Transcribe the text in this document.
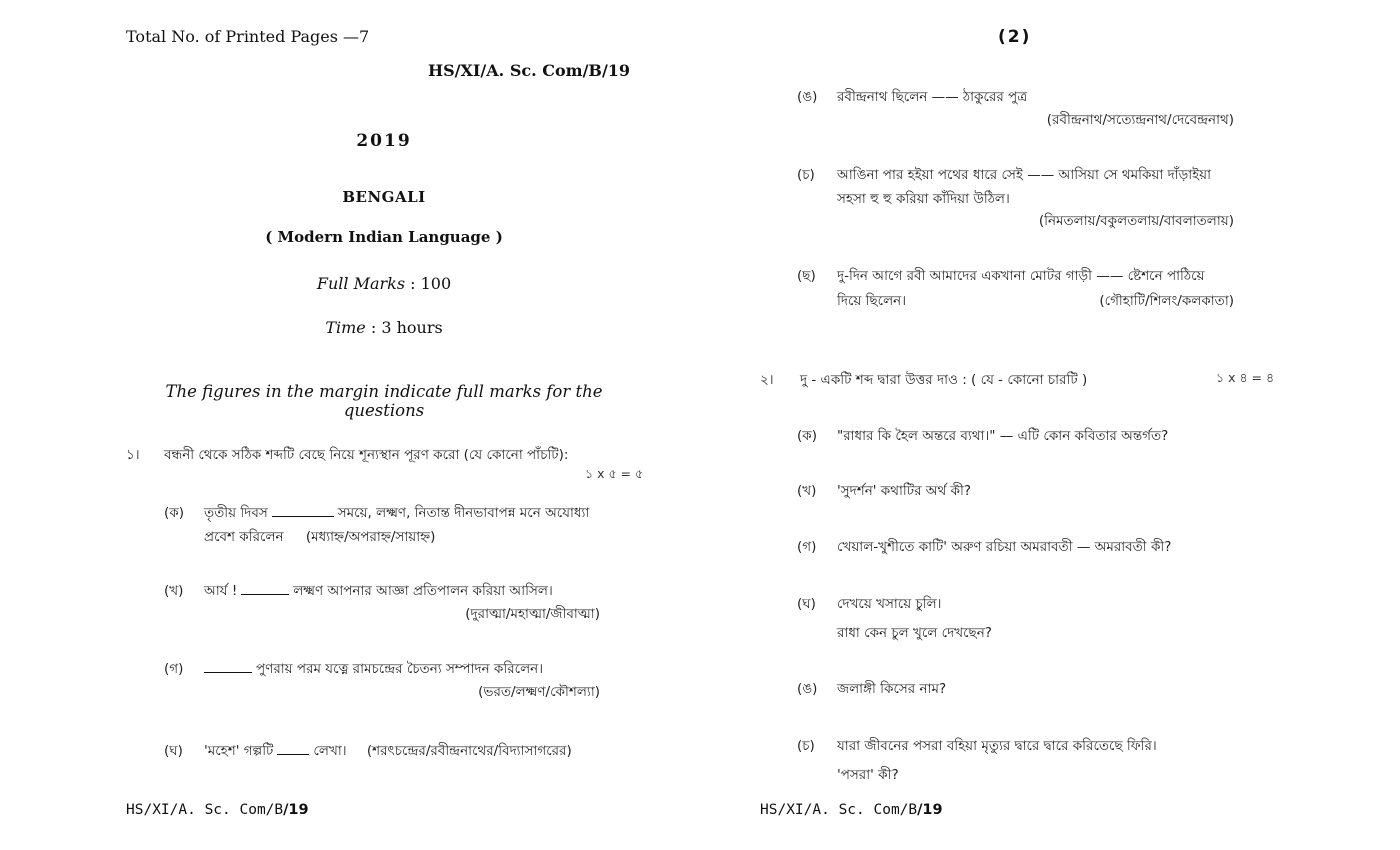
Total No. of Printed Pages —7
HS/XI/A. Sc. Com/B/19
2019
BENGALI
( Modern Indian Language )
Full Marks : 100
Time : 3 hours
The figures in the margin indicate full marks for the questions
১। বন্ধনী থেকে সঠিক শব্দটি বেছে নিয়ে শূন্যস্থান পূরণ করো (যে কোনো পাঁচটি):
১ x ৫ = ৫
(ক) তৃতীয় দিবস	সময়ে, লক্ষ্মণ, নিতান্ত দীনভাবাপন্ন মনে অযোধ্যা
প্রবেশ করিলেন (মধ্যাহ্ন/অপরাহ্ন/সায়াহ্ন)
(খ) আর্য !	লক্ষ্মণ আপনার আজ্ঞা প্রতিপালন করিয়া আসিল।
(দুরাত্মা/মহাত্মা/জীবাত্মা)
(গ)	পুণরায় পরম যত্নে রামচন্দ্রের চৈতন্য সম্পাদন করিলেন।
(ভরত/লক্ষ্মণ/কৌশল্যা)
(ঘ) 'মহেশ' গল্পটি	লেখা। (শরৎচন্দ্রের/রবীন্দ্রনাথের/বিদ্যাসাগরের)
HS/XI/A. Sc. Com/B/19
(2)
(ঙ) রবীন্দ্রনাথ ছিলেন —— ঠাকুরের পুত্র
(রবীন্দ্রনাথ/সত্যেন্দ্রনাথ/দেবেন্দ্রনাথ)
(চ) আঙিনা পার হইয়া পথের ধারে সেই —— আসিয়া সে থমকিয়া দাঁড়াইয়া
সহসা হু হু করিয়া কাঁদিয়া উঠিল।
(নিমতলায়/বকুলতলায়/বাবলাতলায়)
(ছ) দু-দিন আগে রবী আমাদের একখানা মোটর গাড়ী —— ষ্টেশনে পাঠিয়ে
দিয়ে ছিলেন।	(গৌহাটি/শিলং/কলকাতা)
২। দু - একটি শব্দ দ্বারা উত্তর দাও : ( যে - কোনো চারটি )	১ x ৪ = ৪
(ক) "রাধার কি হৈল অন্তরে ব্যথা।" — এটি কোন কবিতার অন্তর্গত?
(খ) 'সুদর্শন' কথাটির অর্থ কী?
(গ) খেয়াল-খুশীতে কাটি' অরুণ রচিয়া অমরাবতী — অমরাবতী কী?
(ঘ) দেখয়ে খসায়ে চুলি।
রাধা কেন চুল খুলে দেখছেন?
(ঙ) জলাঙ্গী কিসের নাম?
(চ) যারা জীবনের পসরা বহিয়া মৃত্যুর দ্বারে দ্বারে করিতেছে ফিরি।
'পসরা' কী?
HS/XI/A. Sc. Com/B/19
